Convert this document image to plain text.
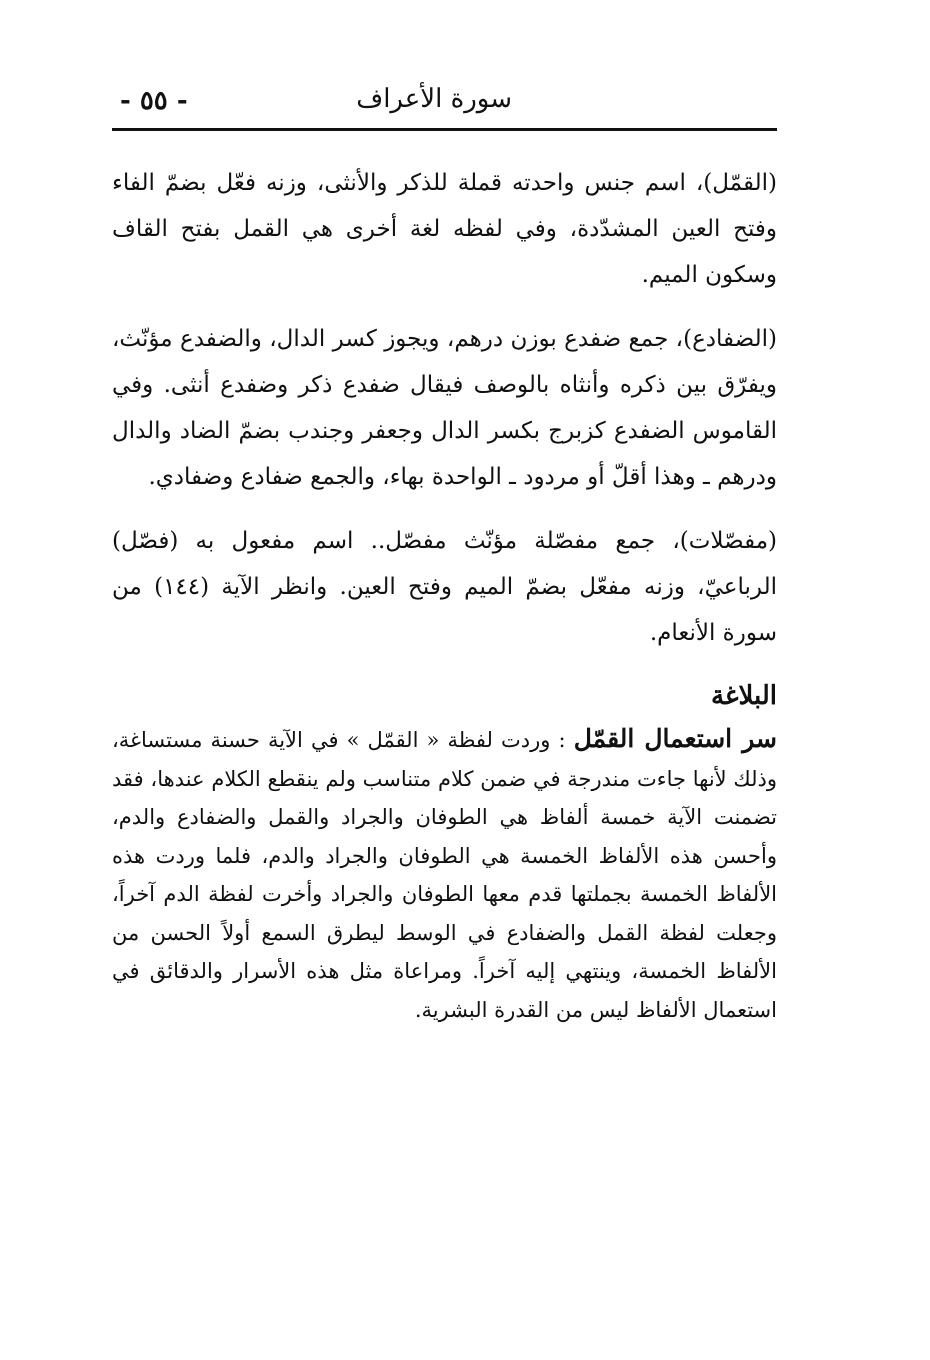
سورة الأعراف
- ٥٥ -

(القمّل)، اسم جنس واحدته قملة للذكر والأنثى، وزنه فعّل بضمّ الفاء وفتح العين المشدّدة، وفي لفظه لغة أخرى هي القمل بفتح القاف وسكون الميم.

(الضفادع)، جمع ضفدع بوزن درهم، ويجوز كسر الدال، والضفدع مؤنّث، ويفرّق بين ذكره وأنثاه بالوصف فيقال ضفدع ذكر وضفدع أنثى. وفي القاموس الضفدع كزبرج بكسر الدال وجعفر وجندب بضمّ الضاد والدال ودرهم ـ وهذا أقلّ أو مردود ـ الواحدة بهاء، والجمع ضفادع وضفادي.

(مفصّلات)، جمع مفصّلة مؤنّث مفصّل.. اسم مفعول به (فصّل) الرباعيّ، وزنه مفعّل بضمّ الميم وفتح العين. وانظر الآية (١٤٤) من سورة الأنعام.

البلاغة

سر استعمال القمّل : وردت لفظة « القمّل » في الآية حسنة مستساغة، وذلك لأنها جاءت مندرجة في ضمن كلام متناسب ولم ينقطع الكلام عندها، فقد تضمنت الآية خمسة ألفاظ هي الطوفان والجراد والقمل والضفادع والدم، وأحسن هذه الألفاظ الخمسة هي الطوفان والجراد والدم، فلما وردت هذه الألفاظ الخمسة بجملتها قدم معها الطوفان والجراد وأخرت لفظة الدم آخراً، وجعلت لفظة القمل والضفادع في الوسط ليطرق السمع أولاً الحسن من الألفاظ الخمسة، وينتهي إليه آخراً. ومراعاة مثل هذه الأسرار والدقائق في استعمال الألفاظ ليس من القدرة البشرية.
